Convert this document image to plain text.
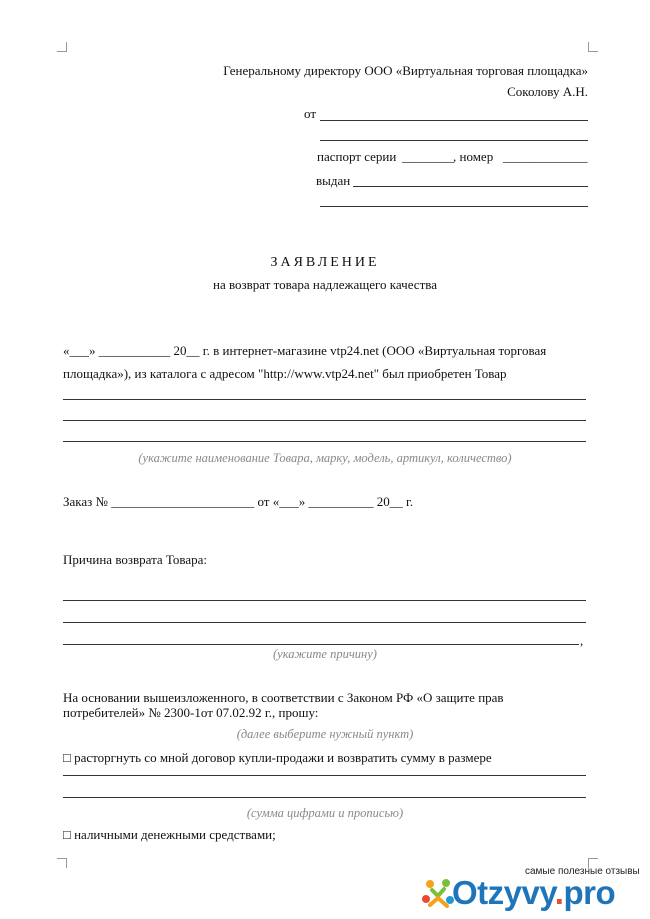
Генеральному директору ООО «Виртуальная торговая площадка»
Соколову А.Н.
от
паспорт серии ________ , номер _____________
выдан
ЗАЯВЛЕНИЕ
на возврат товара надлежащего качества
«___» ___________ 20__ г. в интернет-магазине vtp24.net (ООО «Виртуальная торговая
площадка»), из каталога с адресом "http://www.vtp24.net" был приобретен Товар
(укажите наименование Товара, марку, модель, артикул, количество)
Заказ № ______________________ от «___» __________ 20__ г.
Причина возврата Товара:
,
(укажите причину)
На основании вышеизложенного, в соответствии с Законом РФ «О защите прав
потребителей» № 2300-1от 07.02.92 г., прошу:
(далее выберите нужный пункт)
□ расторгнуть со мной договор купли-продажи и возвратить сумму в размере
(сумма цифрами и прописью)
□ наличными денежными средствами;
самые полезные отзывы
Otzyvy.pro
